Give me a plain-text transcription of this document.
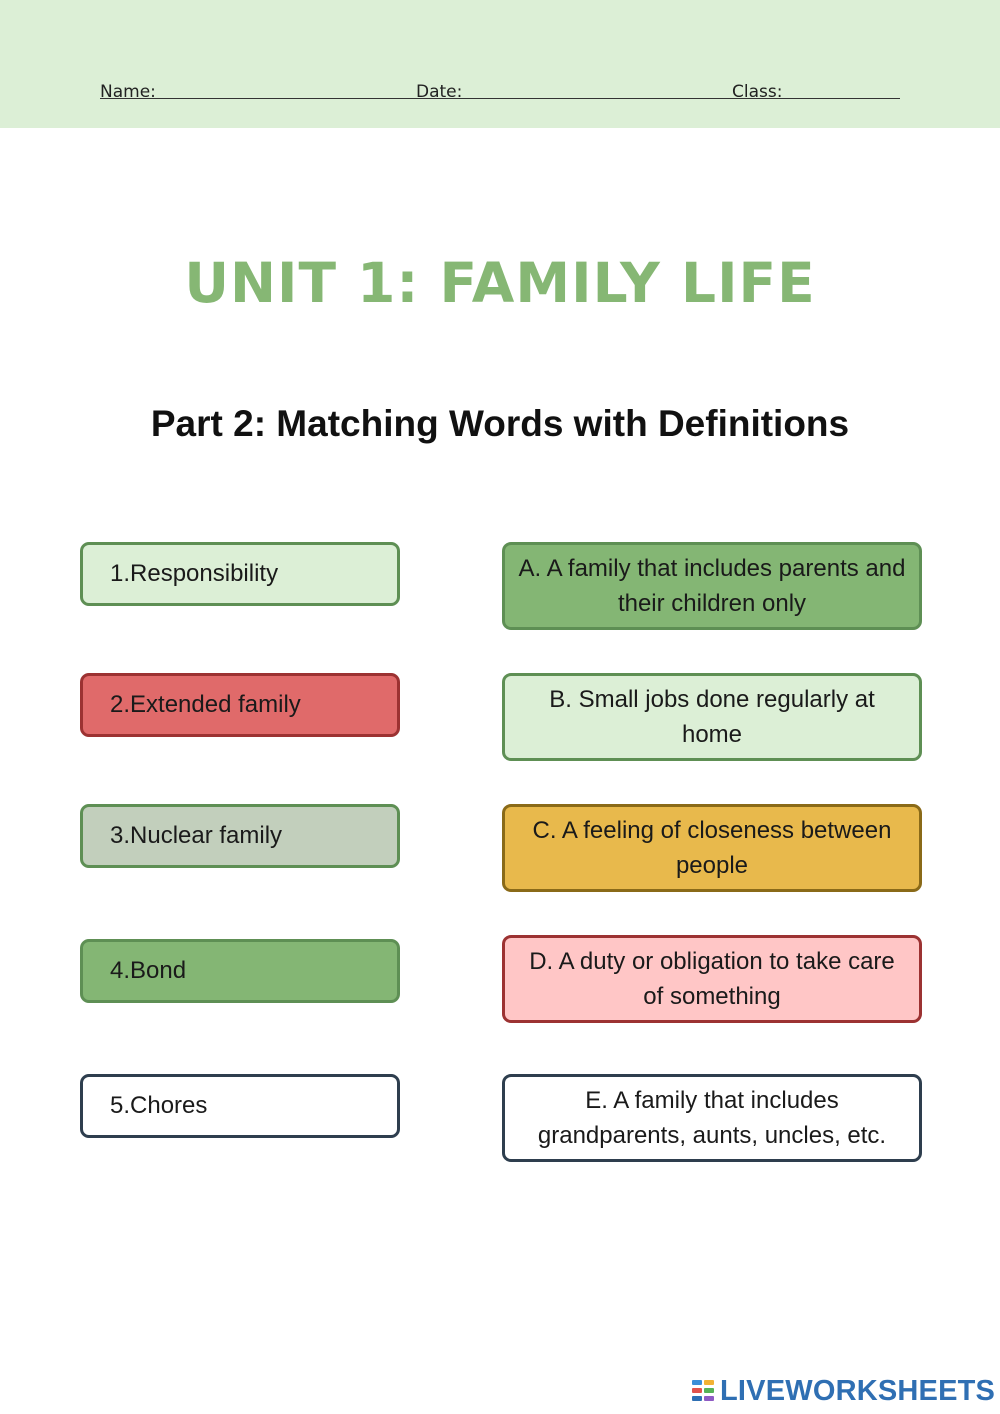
Name:	Date:	Class:
UNIT 1: FAMILY LIFE
Part 2: Matching Words with Definitions
1.Responsibility
2.Extended family
3.Nuclear family
4.Bond
5.Chores
A. A family that includes parents and their children only
B. Small jobs done regularly at home
C. A feeling of closeness between people
D. A duty or obligation to take care of something
E. A family that includes grandparents, aunts, uncles, etc.
LIVEWORKSHEETS
